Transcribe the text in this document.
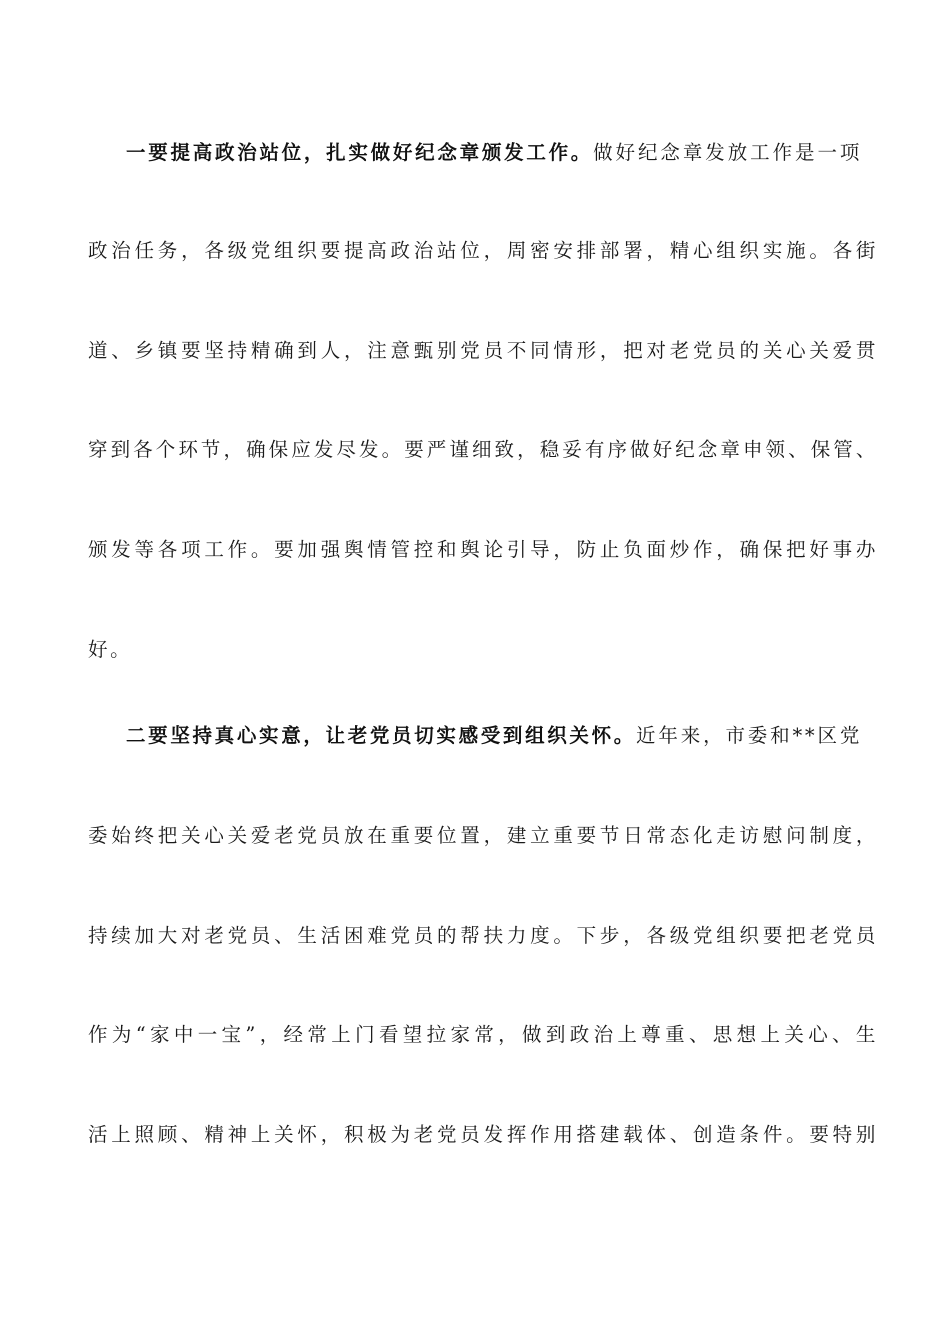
一要提高政治站位，扎实做好纪念章颁发工作。做好纪念章发放工作是一项

政治任务，各级党组织要提高政治站位，周密安排部署，精心组织实施。各街

道、乡镇要坚持精确到人，注意甄别党员不同情形，把对老党员的关心关爱贯

穿到各个环节，确保应发尽发。要严谨细致，稳妥有序做好纪念章申领、保管、

颁发等各项工作。要加强舆情管控和舆论引导，防止负面炒作，确保把好事办

好。

二要坚持真心实意，让老党员切实感受到组织关怀。近年来，市委和**区党

委始终把关心关爱老党员放在重要位置，建立重要节日常态化走访慰问制度，

持续加大对老党员、生活困难党员的帮扶力度。下步，各级党组织要把老党员

作为“家中一宝”，经常上门看望拉家常，做到政治上尊重、思想上关心、生

活上照顾、精神上关怀，积极为老党员发挥作用搭建载体、创造条件。要特别
